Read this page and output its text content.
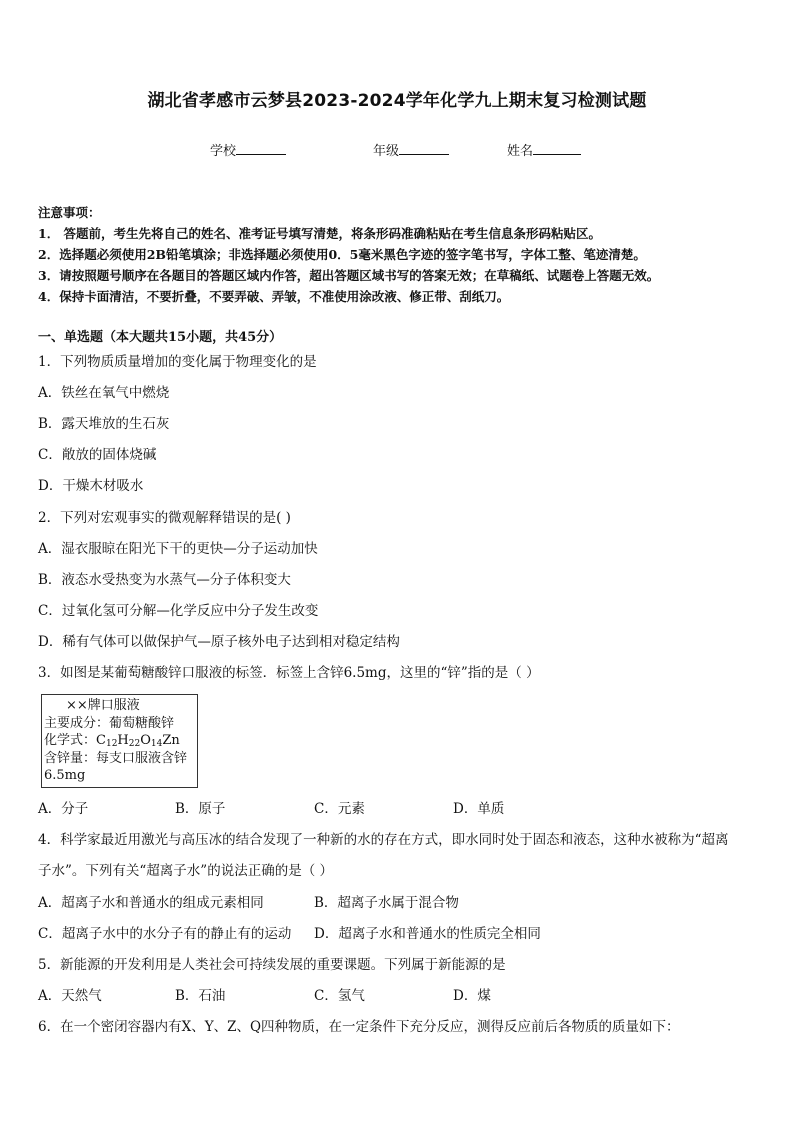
湖北省孝感市云梦县2023-2024学年化学九上期末复习检测试题
学校	年级	姓名
注意事项：
1． 答题前，考生先将自己的姓名、准考证号填写清楚，将条形码准确粘贴在考生信息条形码粘贴区。
2．选择题必须使用2B铅笔填涂；非选择题必须使用0．5毫米黑色字迹的签字笔书写，字体工整、笔迹清楚。
3．请按照题号顺序在各题目的答题区域内作答，超出答题区域书写的答案无效；在草稿纸、试题卷上答题无效。
4．保持卡面清洁，不要折叠，不要弄破、弄皱，不准使用涂改液、修正带、刮纸刀。
一、单选题（本大题共15小题，共45分）
1．下列物质质量增加的变化属于物理变化的是
A．铁丝在氧气中燃烧
B．露天堆放的生石灰
C．敞放的固体烧碱
D．干燥木材吸水
2．下列对宏观事实的微观解释错误的是( )
A．湿衣服晾在阳光下干的更快—分子运动加快
B．液态水受热变为水蒸气—分子体积变大
C．过氧化氢可分解—化学反应中分子发生改变
D．稀有气体可以做保护气—原子核外电子达到相对稳定结构
3．如图是某葡萄糖酸锌口服液的标签．标签上含锌6.5mg，这里的“锌”指的是（ ）
××牌口服液
主要成分：葡萄糖酸锌
化学式：$C_{12}H_{22}O_{14}Zn$
含锌量：每支口服液含锌
6.5mg
A．分子	B．原子	C．元素	D．单质
4．科学家最近用激光与高压冰的结合发现了一种新的水的存在方式，即水同时处于固态和液态，这种水被称为“超离
子水”。下列有关“超离子水”的说法正确的是（ ）
A．超离子水和普通水的组成元素相同	B．超离子水属于混合物
C．超离子水中的水分子有的静止有的运动 D．超离子水和普通水的性质完全相同
5．新能源的开发利用是人类社会可持续发展的重要课题。下列属于新能源的是
A．天然气	B．石油	C．氢气	D．煤
6．在一个密闭容器内有X、Y、Z、Q四种物质，在一定条件下充分反应，测得反应前后各物质的质量如下：
